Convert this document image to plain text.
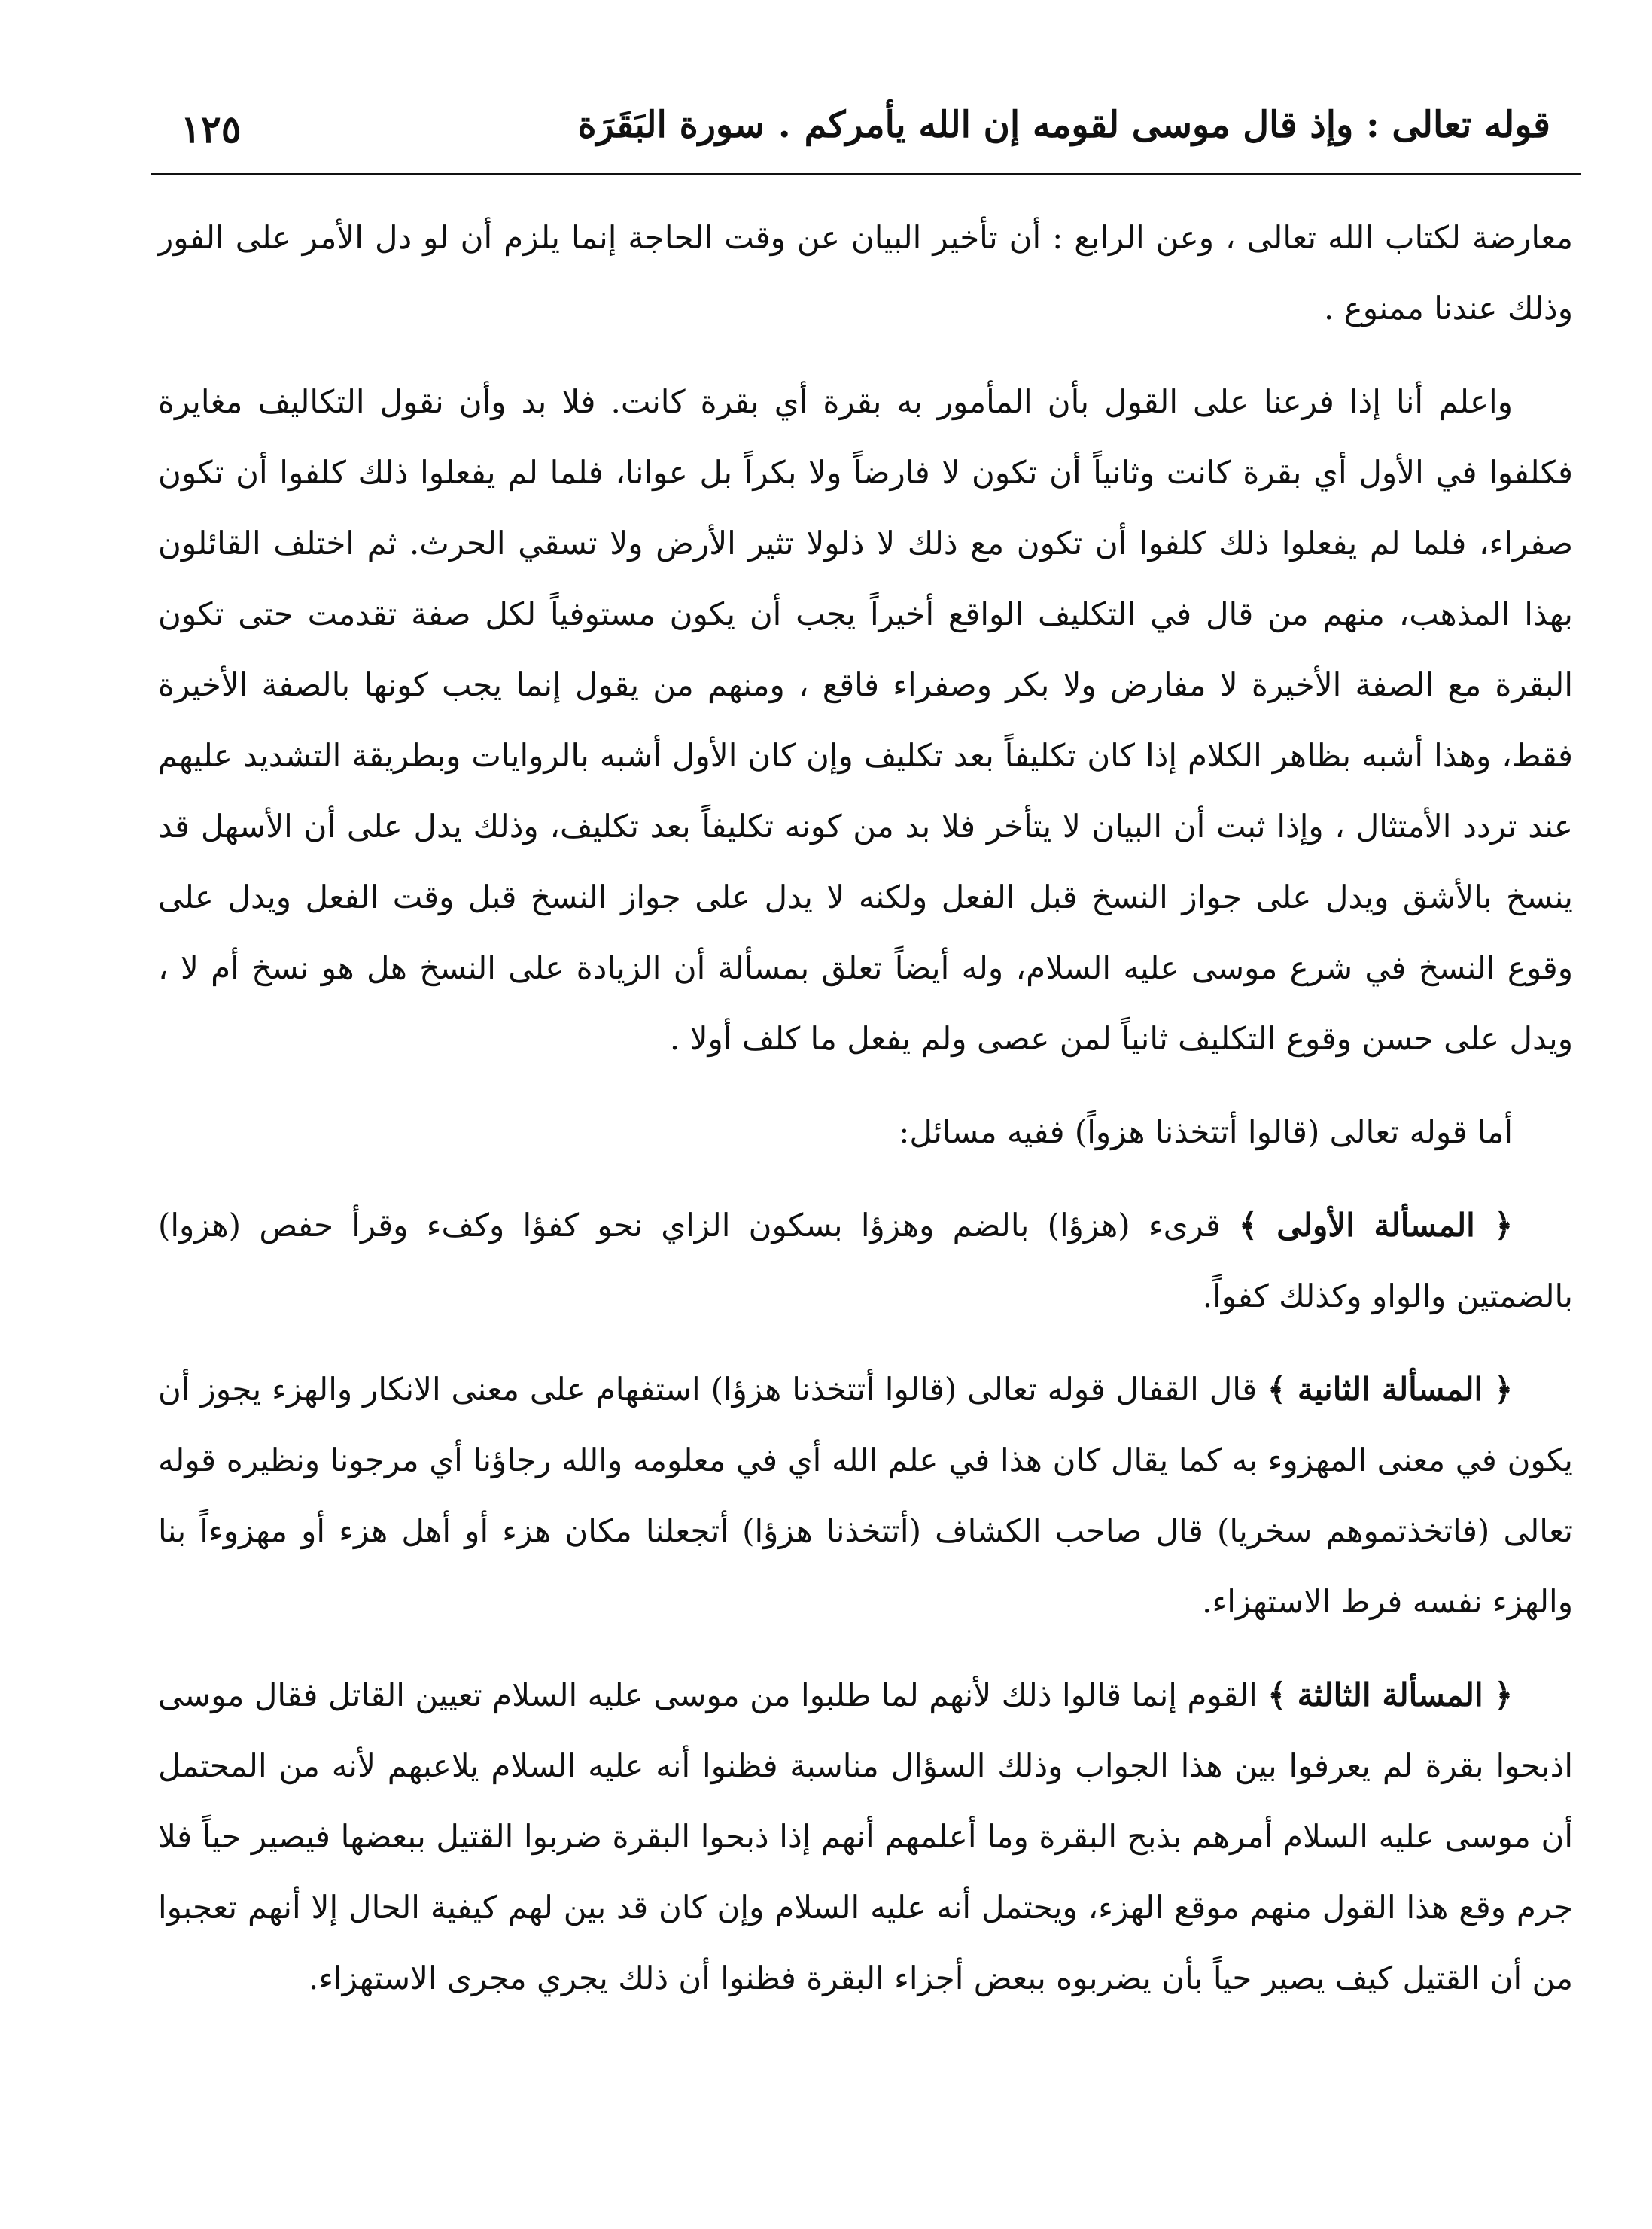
قوله تعالى : وإذ قال موسى لقومه إن الله يأمركم.سورة البَقَرَة
١٢٥

معارضة لكتاب الله تعالى ، وعن الرابع : أن تأخير البيان عن وقت الحاجة إنما يلزم أن لو دل الأمر على الفور وذلك عندنا ممنوع .

واعلم أنا إذا فرعنا على القول بأن المأمور به بقرة أي بقرة كانت. فلا بد وأن نقول التكاليف مغايرة فكلفوا في الأول أي بقرة كانت وثانياً أن تكون لا فارضاً ولا بكراً بل عوانا، فلما لم يفعلوا ذلك كلفوا أن تكون صفراء، فلما لم يفعلوا ذلك كلفوا أن تكون مع ذلك لا ذلولا تثير الأرض ولا تسقي الحرث. ثم اختلف القائلون بهذا المذهب، منهم من قال في التكليف الواقع أخيراً يجب أن يكون مستوفياً لكل صفة تقدمت حتى تكون البقرة مع الصفة الأخيرة لا مفارض ولا بكر وصفراء فاقع ، ومنهم من يقول إنما يجب كونها بالصفة الأخيرة فقط، وهذا أشبه بظاهر الكلام إذا كان تكليفاً بعد تكليف وإن كان الأول أشبه بالروايات وبطريقة التشديد عليهم عند تردد الأمتثال ، وإذا ثبت أن البيان لا يتأخر فلا بد من كونه تكليفاً بعد تكليف، وذلك يدل على أن الأسهل قد ينسخ بالأشق ويدل على جواز النسخ قبل الفعل ولكنه لا يدل على جواز النسخ قبل وقت الفعل ويدل على وقوع النسخ في شرع موسى عليه السلام، وله أيضاً تعلق بمسألة أن الزيادة على النسخ هل هو نسخ أم لا ، ويدل على حسن وقوع التكليف ثانياً لمن عصى ولم يفعل ما كلف أولا .

أما قوله تعالى (قالوا أتتخذنا هزواً) ففيه مسائل:

﴿ المسألة الأولى ﴾ قرىء (هزؤا) بالضم وهزؤا بسكون الزاي نحو كفؤا وكفء وقرأ حفص (هزوا) بالضمتين والواو وكذلك كفواً.

﴿ المسألة الثانية ﴾ قال القفال قوله تعالى (قالوا أتتخذنا هزؤا) استفهام على معنى الانكار والهزء يجوز أن يكون في معنى المهزوء به كما يقال كان هذا في علم الله أي في معلومه والله رجاؤنا أي مرجونا ونظيره قوله تعالى (فاتخذتموهم سخريا) قال صاحب الكشاف (أتتخذنا هزؤا) أتجعلنا مكان هزء أو أهل هزء أو مهزوءاً بنا والهزء نفسه فرط الاستهزاء.

﴿ المسألة الثالثة ﴾ القوم إنما قالوا ذلك لأنهم لما طلبوا من موسى عليه السلام تعيين القاتل فقال موسى اذبحوا بقرة لم يعرفوا بين هذا الجواب وذلك السؤال مناسبة فظنوا أنه عليه السلام يلاعبهم لأنه من المحتمل أن موسى عليه السلام أمرهم بذبح البقرة وما أعلمهم أنهم إذا ذبحوا البقرة ضربوا القتيل ببعضها فيصير حياً فلا جرم وقع هذا القول منهم موقع الهزء، ويحتمل أنه عليه السلام وإن كان قد بين لهم كيفية الحال إلا أنهم تعجبوا من أن القتيل كيف يصير حياً بأن يضربوه ببعض أجزاء البقرة فظنوا أن ذلك يجري مجرى الاستهزاء.
